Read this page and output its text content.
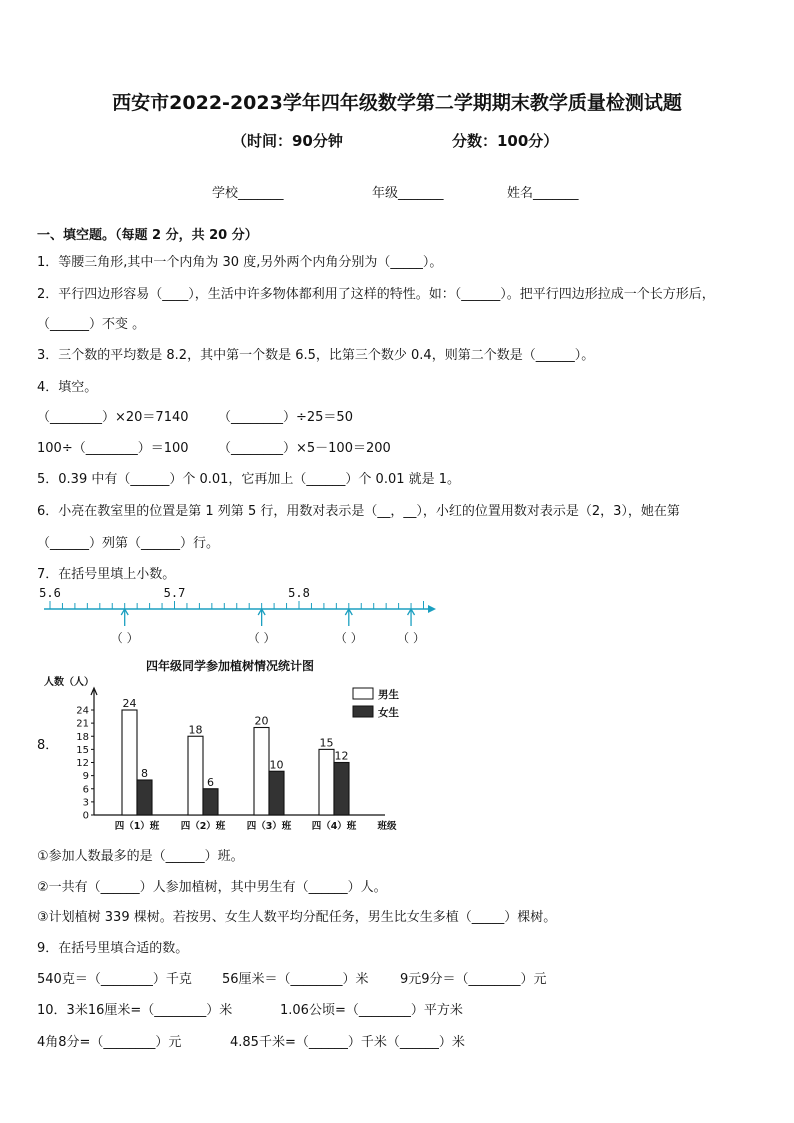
西安市2022-2023学年四年级数学第二学期期末教学质量检测试题
（时间：90分钟	分数：100分）
学校_______	年级_______	姓名_______
一、填空题。（每题 2 分，共 20 分）
1．等腰三角形,其中一个内角为 30 度,另外两个内角分别为（_____）。
2．平行四边形容易（____），生活中许多物体都利用了这样的特性。如：（______）。把平行四边形拉成一个长方形后，
（______）不变 。
3．三个数的平均数是 8.2，其中第一个数是 6.5，比第三个数少 0.4，则第二个数是（______）。
4．填空。
（________）×20＝7140 （________）÷25＝50
100÷（________）＝100 （________）×5－100＝200
5．0.39 中有（______）个 0.01，它再加上（______）个 0.01 就是 1。
6．小亮在教室里的位置是第 1 列第 5 行，用数对表示是（__，__），小红的位置用数对表示是（2，3），她在第
（______）列第（______）行。
7．在括号里填上小数。
5.6	5.7	5.8
（ ）	（ ）	（ ）	（ ）
8．
四年级同学参加植树情况统计图
人数（人）
0
3
6
9
12
15
18
21
24
24
8
四（1）班
18
6
四（2）班
20
10
四（3）班
15
12
四（4）班 班级
男生
女生
①参加人数最多的是（______）班。
②一共有（______）人参加植树，其中男生有（______）人。
③计划植树 339 棵树。若按男、女生人数平均分配任务，男生比女生多植（_____）棵树。
9．在括号里填合适的数。
540克＝（________）千克 56厘米＝（________）米 9元9分＝（________）元
10．3米16厘米=（________）米	1.06公顷=（________）平方米
4角8分=（________）元	4.85千米=（______）千米（______）米
